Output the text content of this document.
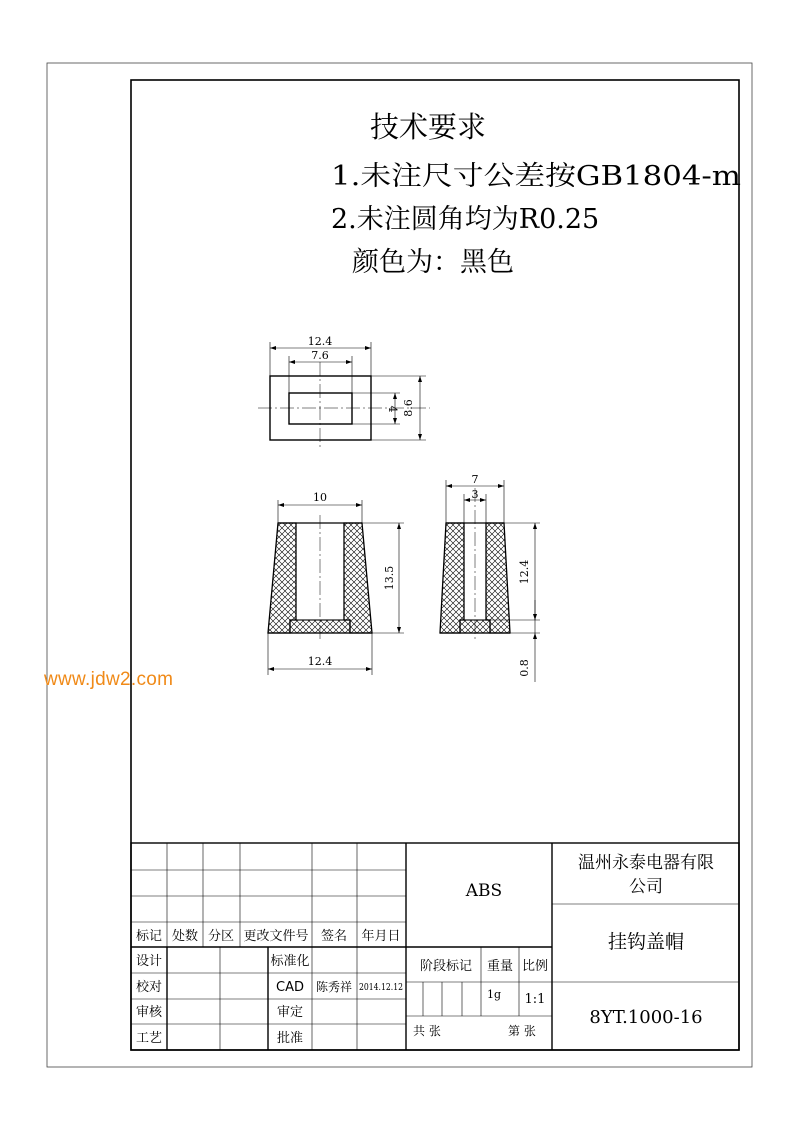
技术要求
1.未注尺寸公差按GB1804-m
2.未注圆角均为R0.25
颜色为：黑色
12.4
7.6
4 8.6
10
12.4
13.5
7
3
12.4
0.8
ABS
温州永泰电器有限
公司
挂钩盖帽
8YT.1000-16
标记 处数 分区 更改文件号 签名 年月日
设计
校对
审核
工艺
标准化
CAD
审定
批准
陈秀祥 2014.12.12
阶段标记 重量 比例
1g 1:1
共 张	第 张
www.jdw2.com
